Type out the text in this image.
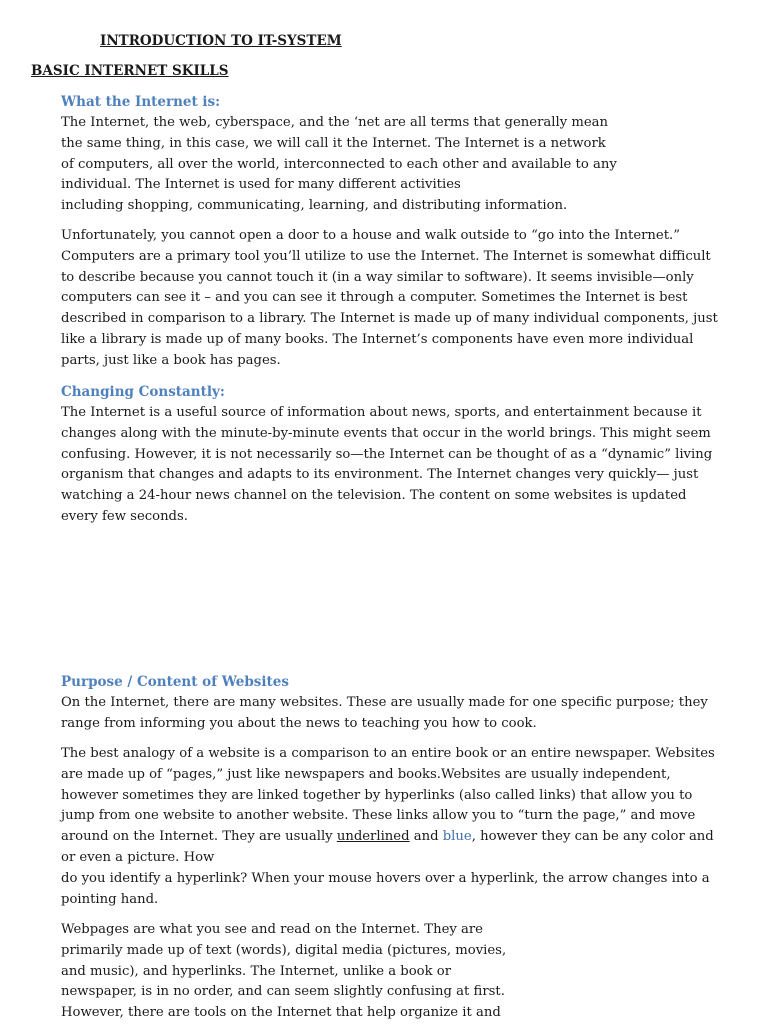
INTRODUCTION TO IT-SYSTEM
BASIC INTERNET SKILLS
What the Internet is:

The Internet, the web, cyberspace, and the ‘net are all terms that generally mean
the same thing, in this case, we will call it the Internet. The Internet is a network
of computers, all over the world, interconnected to each other and available to any
individual. The Internet is used for many different activities
including shopping, communicating, learning, and distributing information.

Unfortunately, you cannot open a door to a house and walk outside to “go into the Internet.”
Computers are a primary tool you’ll utilize to use the Internet. The Internet is somewhat difficult
to describe because you cannot touch it (in a way similar to software). It seems invisible—only
computers can see it – and you can see it through a computer. Sometimes the Internet is best
described in comparison to a library. The Internet is made up of many individual components, just
like a library is made up of many books. The Internet’s components have even more individual
parts, just like a book has pages.

Changing Constantly:

The Internet is a useful source of information about news, sports, and entertainment because it
changes along with the minute-by-minute events that occur in the world brings. This might seem
confusing. However, it is not necessarily so—the Internet can be thought of as a “dynamic” living
organism that changes and adapts to its environment. The Internet changes very quickly— just
watching a 24-hour news channel on the television. The content on some websites is updated
every few seconds.

Purpose / Content of Websites

On the Internet, there are many websites. These are usually made for one specific purpose; they
range from informing you about the news to teaching you how to cook.

The best analogy of a website is a comparison to an entire book or an entire newspaper. Websites
are made up of “pages,” just like newspapers and books.Websites are usually independent,
however sometimes they are linked together by hyperlinks (also called links) that allow you to
jump from one website to another website. These links allow you to “turn the page,” and move
around on the Internet. They are usually underlined and blue, however they can be any color and
or even a picture. How
do you identify a hyperlink? When your mouse hovers over a hyperlink, the arrow changes into a
pointing hand.

Webpages are what you see and read on the Internet. They are
primarily made up of text (words), digital media (pictures, movies,
and music), and hyperlinks. The Internet, unlike a book or
newspaper, is in no order, and can seem slightly confusing at first.
However, there are tools on the Internet that help organize it and
